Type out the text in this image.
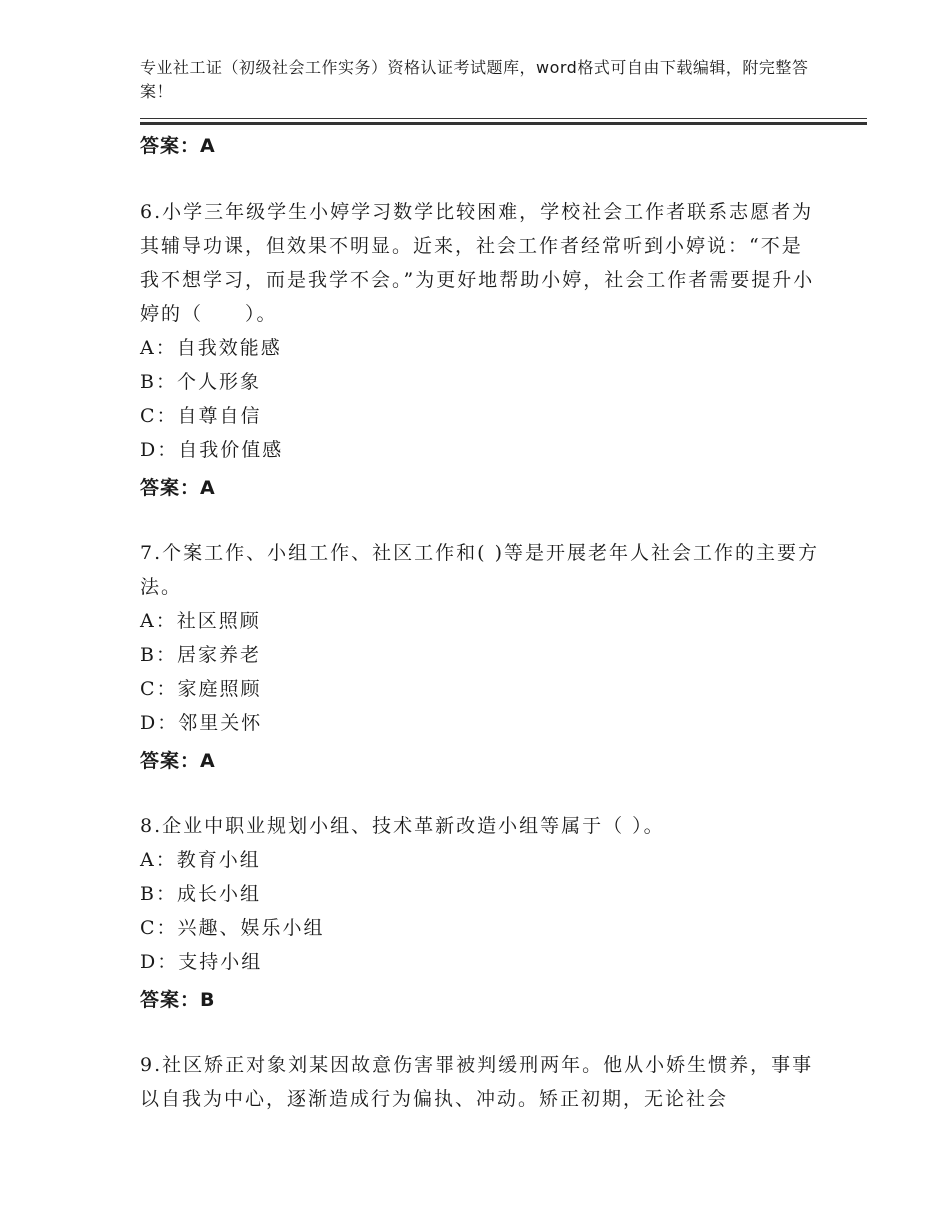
专业社工证（初级社会工作实务）资格认证考试题库，word格式可自由下载编辑，附完整答案！
答案：A

6.小学三年级学生小婷学习数学比较困难，学校社会工作者联系志愿者为其辅导功课，但效果不明显。近来，社会工作者经常听到小婷说：“不是我不想学习，而是我学不会。”为更好地帮助小婷，社会工作者需要提升小婷的（　　）。

A：自我效能感

B：个人形象

C：自尊自信

D：自我价值感

答案：A

7.个案工作、小组工作、社区工作和( )等是开展老年人社会工作的主要方法。

A：社区照顾

B：居家养老

C：家庭照顾

D：邻里关怀

答案：A

8.企业中职业规划小组、技术革新改造小组等属于（ ）。

A：教育小组

B：成长小组

C：兴趣、娱乐小组

D：支持小组

答案：B

9.社区矫正对象刘某因故意伤害罪被判缓刑两年。他从小娇生惯养，事事以自我为中心，逐渐造成行为偏执、冲动。矫正初期，无论社会
